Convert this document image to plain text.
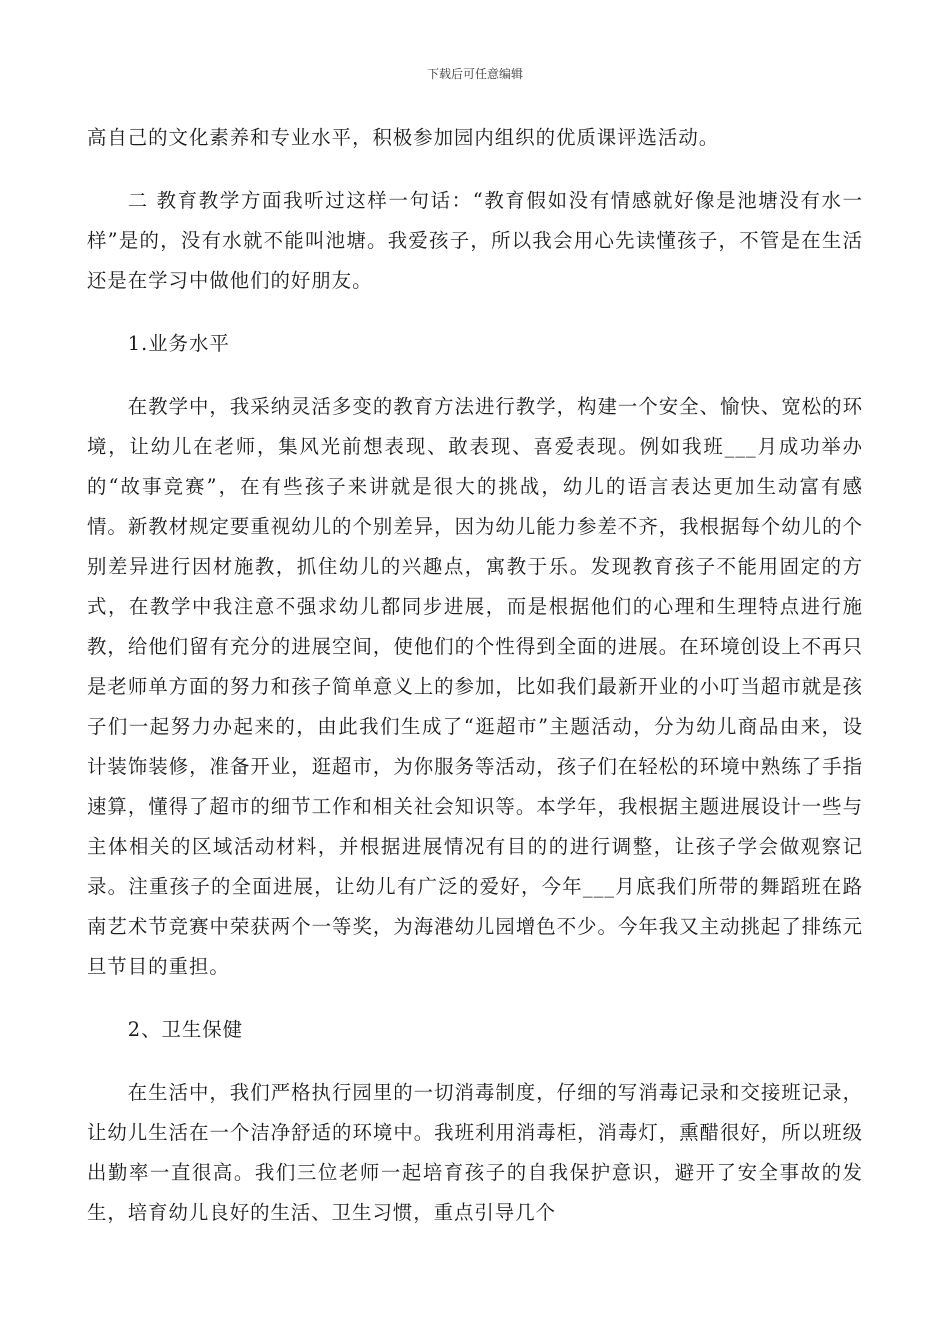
下载后可任意编辑

高自己的文化素养和专业水平，积极参加园内组织的优质课评选活动。

二 教育教学方面我听过这样一句话：“教育假如没有情感就好像是池塘没有水一样”是的，没有水就不能叫池塘。我爱孩子，所以我会用心先读懂孩子，不管是在生活还是在学习中做他们的好朋友。

1.业务水平

在教学中，我采纳灵活多变的教育方法进行教学，构建一个安全、愉快、宽松的环境，让幼儿在老师，集风光前想表现、敢表现、喜爱表现。例如我班___月成功举办的“故事竞赛”，在有些孩子来讲就是很大的挑战，幼儿的语言表达更加生动富有感情。新教材规定要重视幼儿的个别差异，因为幼儿能力参差不齐，我根据每个幼儿的个别差异进行因材施教，抓住幼儿的兴趣点，寓教于乐。发现教育孩子不能用固定的方式，在教学中我注意不强求幼儿都同步进展，而是根据他们的心理和生理特点进行施教，给他们留有充分的进展空间，使他们的个性得到全面的进展。在环境创设上不再只是老师单方面的努力和孩子简单意义上的参加，比如我们最新开业的小叮当超市就是孩子们一起努力办起来的，由此我们生成了“逛超市”主题活动，分为幼儿商品由来，设计装饰装修，准备开业，逛超市，为你服务等活动，孩子们在轻松的环境中熟练了手指速算，懂得了超市的细节工作和相关社会知识等。本学年，我根据主题进展设计一些与主体相关的区域活动材料，并根据进展情况有目的的进行调整，让孩子学会做观察记录。注重孩子的全面进展，让幼儿有广泛的爱好，今年___月底我们所带的舞蹈班在路南艺术节竞赛中荣获两个一等奖，为海港幼儿园增色不少。今年我又主动挑起了排练元旦节目的重担。

2、卫生保健

在生活中，我们严格执行园里的一切消毒制度，仔细的写消毒记录和交接班记录，让幼儿生活在一个洁净舒适的环境中。我班利用消毒柜，消毒灯，熏醋很好，所以班级出勤率一直很高。我们三位老师一起培育孩子的自我保护意识，避开了安全事故的发生，培育幼儿良好的生活、卫生习惯，重点引导几个
